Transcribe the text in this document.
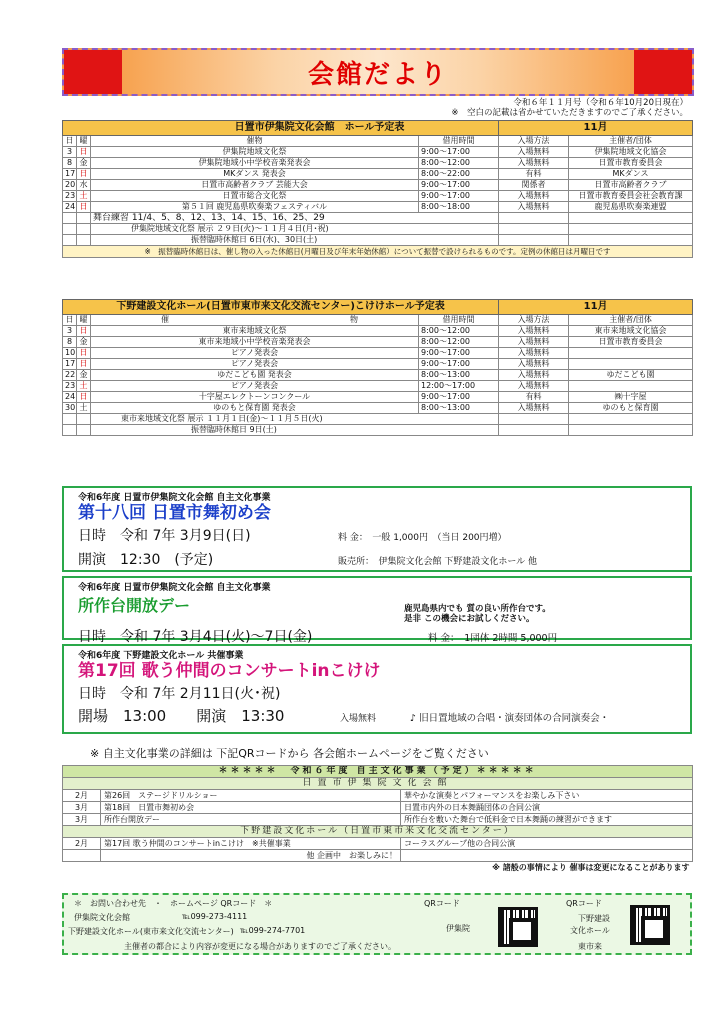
会館だより
令和６年１１月号（令和６年10月20日現在）
※　空白の記載は省かせていただきますのでご了承ください。
日置市伊集院文化会館　ホール予定表				11月	
日	曜	催物	借用時間	入場方法	主催者/団体
3	日	伊集院地域文化祭	9:00～17:00	入場無料	伊集院地域文化協会
8	金	伊集院地域小中学校音楽発表会	8:00～12:00	入場無料	日置市教育委員会
17	日	MKダンス 発表会	8:00～22:00	有料	MKダンス
20	水	日置市高齢者クラブ 芸能大会	9:00～17:00	関係者	日置市高齢者クラブ
23	土	日置市総合文化祭	9:00～17:00	入場無料	日置市教育委員会社会教育課
24	日	第５１回 鹿児島県吹奏楽フェスティバル	8:00～18:00	入場無料	鹿児島県吹奏楽連盟
		舞台練習 11/4、5、8、12、13、14、15、16、25、29			
		伊集院地域文化祭 展示 ２９日(火)～１１月４日(月･祝)			
		振替臨時休館日 6日(水)、30日(土)			
※　振替臨時休館日は、催し物の入った休館日(月曜日及び年末年始休館）について振替で設けられるものです。定例の休館日は月曜日です					
下野建設文化ホール(日置市東市来文化交流センター)こけけホール予定表					11月	
日	曜	催	物	借用時間	入場方法	主催者/団体
3	日	東市来地域文化祭		8:00～12:00	入場無料	東市来地域文化協会
8	金	東市来地域小中学校音楽発表会		8:00～12:00	入場無料	日置市教育委員会
10	日	ピアノ発表会		9:00～17:00	入場無料	
17	日	ピアノ発表会		9:00～17:00	入場無料	
22	金	ゆだこども園 発表会		8:00～13:00	入場無料	ゆだこども園
23	土	ピアノ発表会		12:00～17:00	入場無料	
24	日	十字屋エレクトーンコンクール		9:00～17:00	有料	㈱十字屋
30	土	ゆのもと保育園 発表会		8:00～13:00	入場無料	ゆのもと保育園
		東市来地域文化祭 展示 １１月１日(金)～１１月５日(火)				
		振替臨時休館日 9日(土)				
令和6年度 日置市伊集院文化会館 自主文化事業
第十八回 日置市舞初め会
日時　令和 7年 3月9日(日)	料 金：　一般 1,000円　（当日 200円増）
開演　12:30　(予定)	販売所：　伊集院文化会館 下野建設文化ホール 他
令和6年度 日置市伊集院文化会館 自主文化事業
所作台開放デー	鹿児島県内でも 質の良い所作台です。
是非 この機会にお試しください。
日時　令和 7年 3月4日(火)～7日(金)	料 金：　1団体 2時間 5,000円
令和6年度 下野建設文化ホール 共催事業
第17回 歌う仲間のコンサートinこけけ
日時　令和 7年 2月11日(火･祝)
開場　13:00　　開演　13:30	入場無料	♪ 旧日置地域の合唱・演奏団体の合同演奏会・
※ 自主文化事業の詳細は 下記QRコードから 各会館ホームページをご覧ください
＊＊＊＊＊　令和６年度 自主文化事業（予定）＊＊＊＊＊		
日置市伊集院文化会館		
2月	第26回　ステージドリルショー	華やかな演奏とパフォーマンスをお楽しみ下さい
3月	第18回　日置市舞初め会	日置市内外の日本舞踊団体の合同公演
3月	所作台開放デー	所作台を敷いた舞台で低料金で日本舞踊の練習ができます
下野建設文化ホール（日置市東市来文化交流センター）		
2月	第17回 歌う仲間のコンサートinこけけ　※共催事業	コーラスグループ他の合同公演
	他 企画中　お楽しみに！	
※ 諸般の事情により 催事は変更になることがあります		
＊　お問い合わせ先　・　ホームページ QRコード　＊
伊集院文化会館	℡099-273-4111
下野建設文化ホール(東市来文化交流センター) ℡099-274-7701
主催者の都合により内容が変更になる場合がありますのでご了承ください。
QRコード
伊集院
QRコード
下野建設
文化ホール
東市来
